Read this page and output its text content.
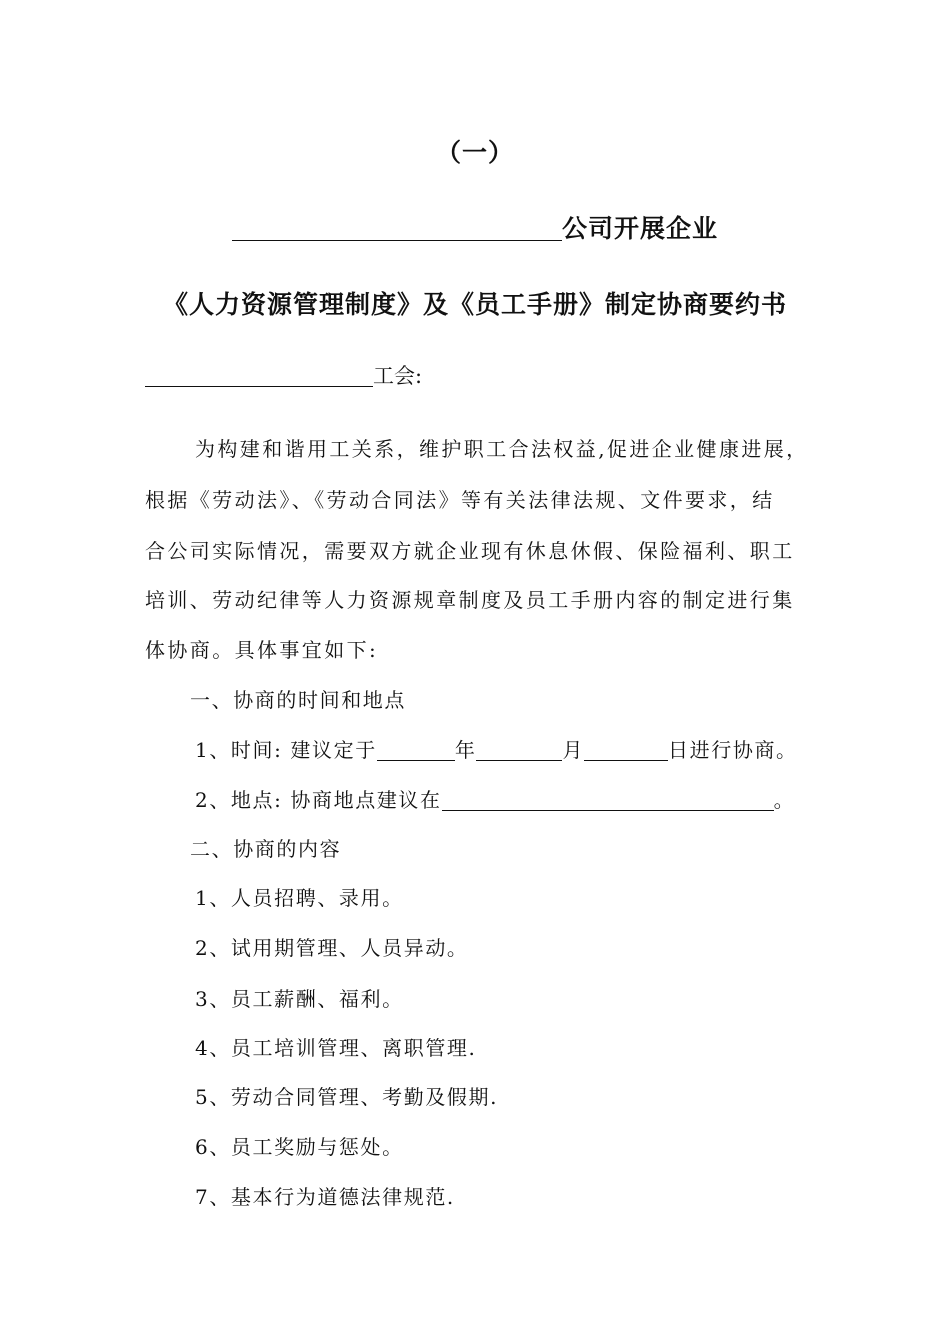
（一）
公司开展企业
《人力资源管理制度》及《员工手册》制定协商要约书
工会:
为构建和谐用工关系，维护职工合法权益,促进企业健康进展，
根据《劳动法》、《劳动合同法》等有关法律法规、文件要求，结
合公司实际情况，需要双方就企业现有休息休假、保险福利、职工
培训、劳动纪律等人力资源规章制度及员工手册内容的制定进行集
体协商。具体事宜如下:
一、协商的时间和地点
1、时间: 建议定于	年	月	日进行协商。
2、地点: 协商地点建议在	。
二、协商的内容
1、人员招聘、录用。
2、试用期管理、人员异动。
3、员工薪酬、福利。
4、员工培训管理、离职管理.
5、劳动合同管理、考勤及假期.
6、员工奖励与惩处。
7、基本行为道德法律规范.
